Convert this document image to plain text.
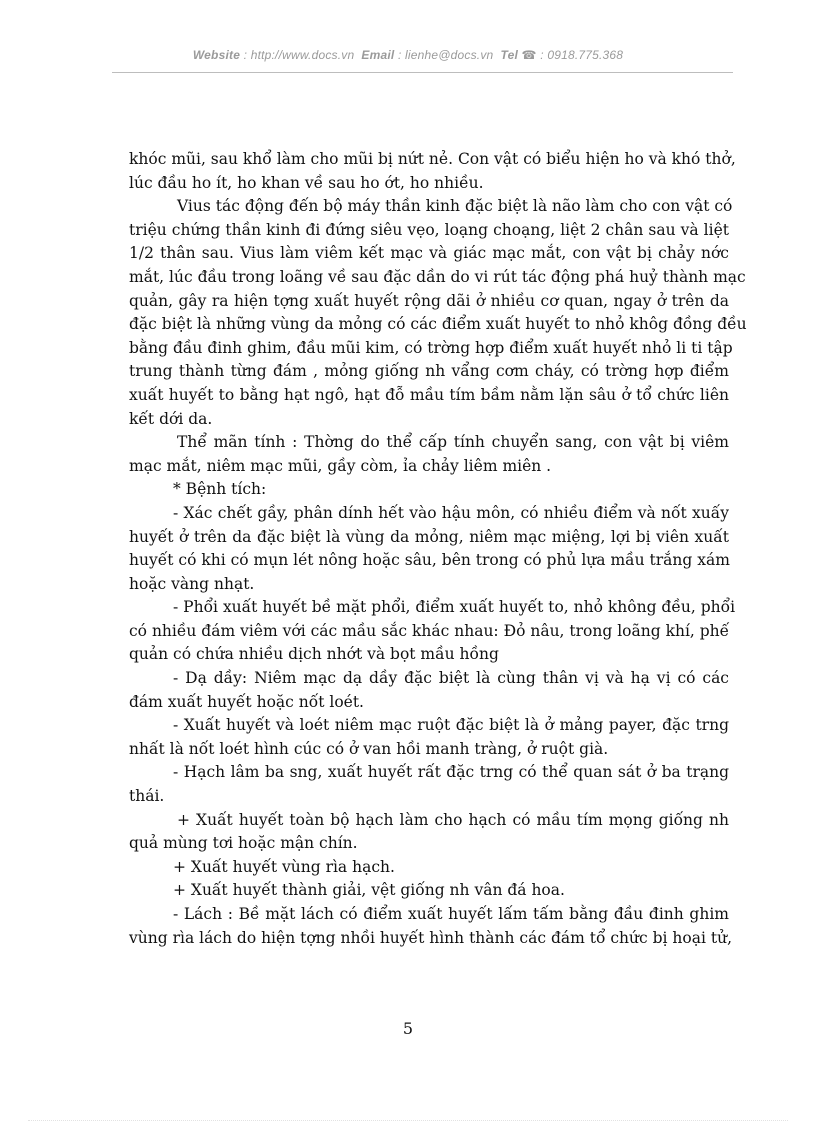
Website : http://www.docs.vn Email : lienhe@docs.vn Tel ☎ : 0918.775.368
khóc mũi, sau khổ làm cho mũi bị nứt nẻ. Con vật có biểu hiện ho và khó thở,
lúc đầu ho ít, ho khan về sau ho ớt, ho nhiều.
Vius tác động đến bộ máy thần kinh đặc biệt là não làm cho con vật có
triệu chứng thần kinh đi đứng siêu vẹo, loạng choạng, liệt 2 chân sau và liệt
1/2 thân sau. Vius làm viêm kết mạc và giác mạc mắt, con vật bị chảy nớc
mắt, lúc đầu trong loãng về sau đặc dần do vi rút tác động phá huỷ thành mạc
quản, gây ra hiện tợng xuất huyết rộng dãi ở nhiều cơ quan, ngay ở trên da
đặc biệt là những vùng da mỏng có các điểm xuất huyết to nhỏ khôg đồng đều
bằng đầu đinh ghim, đầu mũi kim, có trờng hợp điểm xuất huyết nhỏ li ti tập
trung thành từng đám , mỏng giống nh vẩng cơm cháy, có trờng hợp điểm
xuất huyết to bằng hạt ngô, hạt đỗ mầu tím bầm nằm lặn sâu ở tổ chức liên
kết dới da.
Thể mãn tính : Thờng do thể cấp tính chuyển sang, con vật bị viêm
mạc mắt, niêm mạc mũi, gầy còm, ỉa chảy liêm miên .
* Bệnh tích:
- Xác chết gầy, phân dính hết vào hậu môn, có nhiều điểm và nốt xuấy
huyết ở trên da đặc biệt là vùng da mỏng, niêm mạc miệng, lợi bị viên xuất
huyết có khi có mụn lét nông hoặc sâu, bên trong có phủ lựa mầu trắng xám
hoặc vàng nhạt.
- Phổi xuất huyết bề mặt phổi, điểm xuất huyết to, nhỏ không đều, phổi
có nhiều đám viêm với các mầu sắc khác nhau: Đỏ nâu, trong loãng khí, phế
quản có chứa nhiều dịch nhớt và bọt mầu hồng
- Dạ dầy: Niêm mạc dạ dầy đặc biệt là cùng thân vị và hạ vị có các
đám xuất huyết hoặc nốt loét.
- Xuất huyết và loét niêm mạc ruột đặc biệt là ở mảng payer, đặc trng
nhất là nốt loét hình cúc có ở van hồi manh tràng, ở ruột già.
- Hạch lâm ba sng, xuất huyết rất đặc trng có thể quan sát ở ba trạng
thái.
+ Xuất huyết toàn bộ hạch làm cho hạch có mầu tím mọng giống nh
quả mùng tơi hoặc mận chín.
+ Xuất huyết vùng rìa hạch.
+ Xuất huyết thành giải, vệt giống nh vân đá hoa.
- Lách : Bề mặt lách có điểm xuất huyết lấm tấm bằng đầu đinh ghim
vùng rìa lách do hiện tợng nhồi huyết hình thành các đám tổ chức bị hoại tử,
5
